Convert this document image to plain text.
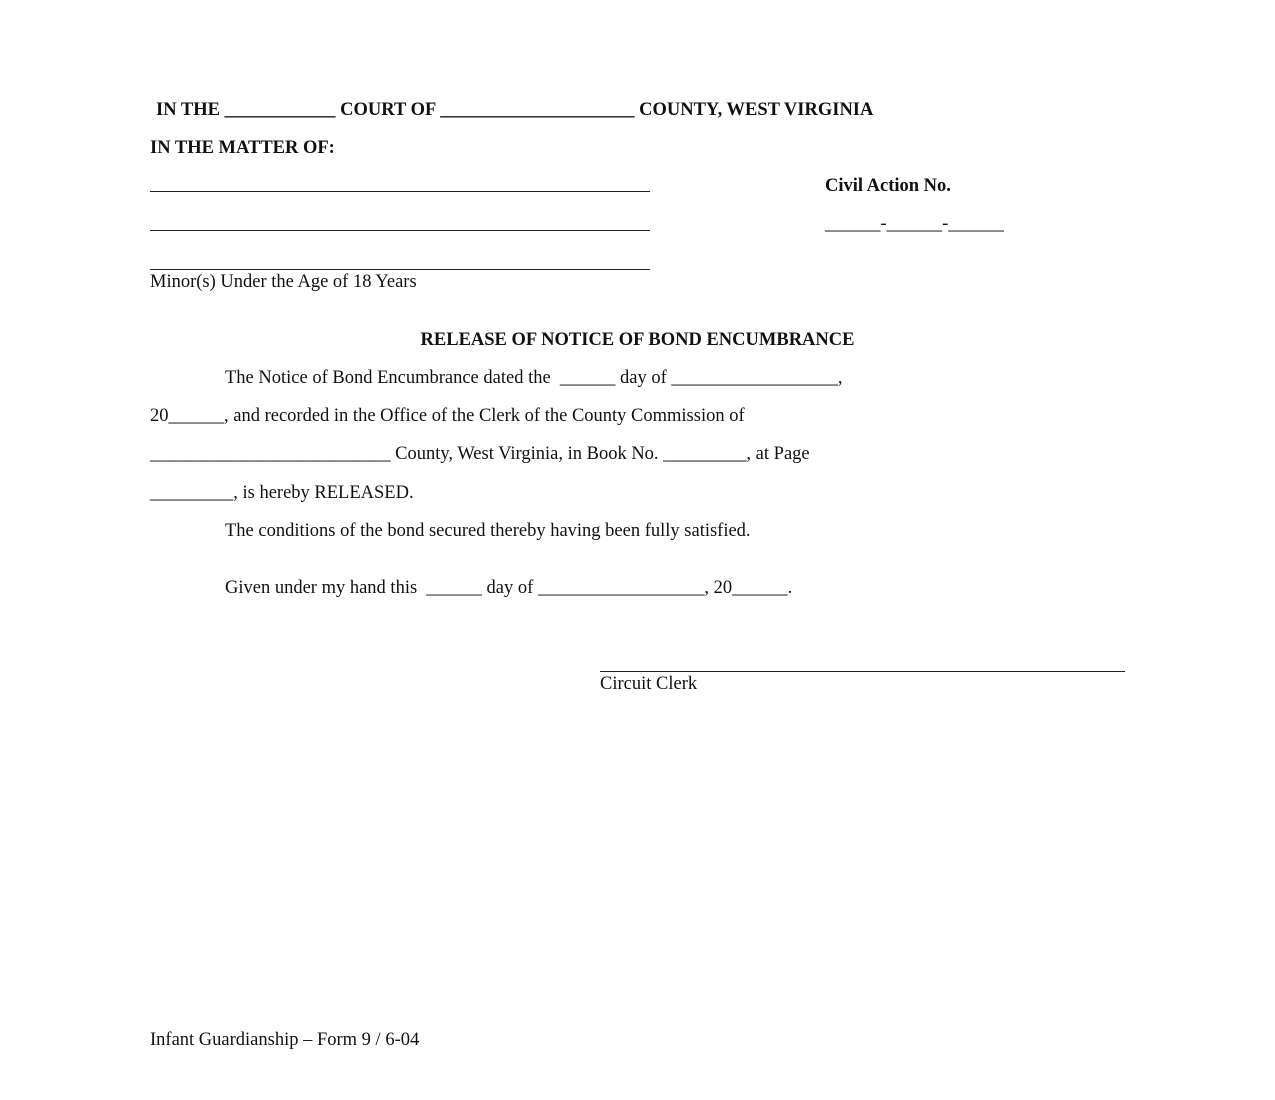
IN THE ____________ COURT OF _____________________ COUNTY, WEST VIRGINIA
IN THE MATTER OF:
Minor(s) Under the Age of 18 Years
Civil Action No.
______-______-______
RELEASE OF NOTICE OF BOND ENCUMBRANCE
The Notice of Bond Encumbrance dated the  ______ day of __________________,
20______, and recorded in the Office of the Clerk of the County Commission of
__________________________ County, West Virginia, in Book No. _________, at Page
_________, is hereby RELEASED.
The conditions of the bond secured thereby having been fully satisfied.
Given under my hand this  ______ day of __________________, 20______.
Circuit Clerk
Infant Guardianship – Form 9 / 6-04
